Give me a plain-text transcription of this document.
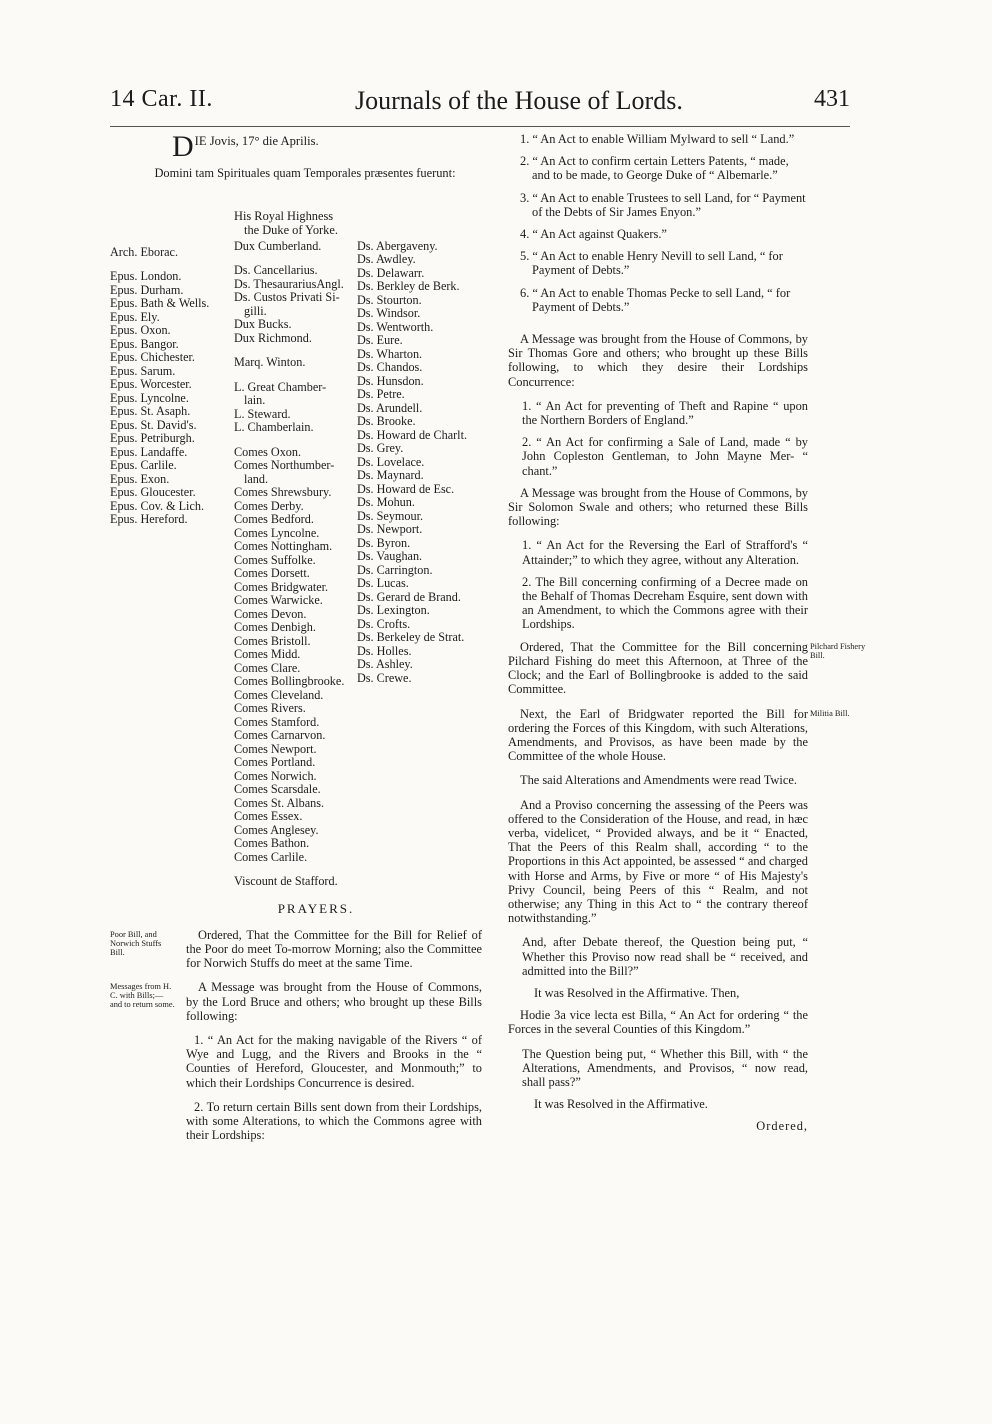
14 Car. II.	Journals of the House of Lords.	431
DIE Jovis, 17° die Aprilis.
Domini tam Spirituales quam Temporales præsentes fuerunt:
His Royal Highness
the Duke of Yorke.
Arch. Eborac.
Epus. London.
Epus. Durham.
Epus. Bath & Wells.
Epus. Ely.
Epus. Oxon.
Epus. Bangor.
Epus. Chichester.
Epus. Sarum.
Epus. Worcester.
Epus. Lyncolne.
Epus. St. Asaph.
Epus. St. David's.
Epus. Petriburgh.
Epus. Landaffe.
Epus. Carlile.
Epus. Exon.
Epus. Gloucester.
Epus. Cov. & Lich.
Epus. Hereford.
Dux Cumberland.
Ds. Cancellarius.
Ds. ThesaurariusAngl.
Ds. Custos Privati Si-
gilli.
Dux Bucks.
Dux Richmond.
Marq. Winton.
L. Great Chamber-
lain.
L. Steward.
L. Chamberlain.
Comes Oxon.
Comes Northumber-
land.
Comes Shrewsbury.
Comes Derby.
Comes Bedford.
Comes Lyncolne.
Comes Nottingham.
Comes Suffolke.
Comes Dorsett.
Comes Bridgwater.
Comes Warwicke.
Comes Devon.
Comes Denbigh.
Comes Bristoll.
Comes Midd.
Comes Clare.
Comes Bollingbrooke.
Comes Cleveland.
Comes Rivers.
Comes Stamford.
Comes Carnarvon.
Comes Newport.
Comes Portland.
Comes Norwich.
Comes Scarsdale.
Comes St. Albans.
Comes Essex.
Comes Anglesey.
Comes Bathon.
Comes Carlile.
Viscount de Stafford.
Ds. Abergaveny.
Ds. Awdley.
Ds. Delawarr.
Ds. Berkley de Berk.
Ds. Stourton.
Ds. Windsor.
Ds. Wentworth.
Ds. Eure.
Ds. Wharton.
Ds. Chandos.
Ds. Hunsdon.
Ds. Petre.
Ds. Arundell.
Ds. Brooke.
Ds. Howard de Charlt.
Ds. Grey.
Ds. Lovelace.
Ds. Maynard.
Ds. Howard de Esc.
Ds. Mohun.
Ds. Seymour.
Ds. Newport.
Ds. Byron.
Ds. Vaughan.
Ds. Carrington.
Ds. Lucas.
Ds. Gerard de Brand.
Ds. Lexington.
Ds. Crofts.
Ds. Berkeley de Strat.
Ds. Holles.
Ds. Ashley.
Ds. Crewe.
PRAYERS.
Poor Bill, and Norwich Stuffs Bill.
Ordered, That the Committee for the Bill for Relief of the Poor do meet To-morrow Morning; also the Committee for Norwich Stuffs do meet at the same Time.
Messages from H. C. with Bills;— and to return some.
A Message was brought from the House of Commons, by the Lord Bruce and others; who brought up these Bills following:
1. “ An Act for the making navigable of the Rivers “ of Wye and Lugg, and the Rivers and Brooks in the “ Counties of Hereford, Gloucester, and Monmouth;” to which their Lordships Concurrence is desired.
2. To return certain Bills sent down from their Lordships, with some Alterations, to which the Commons agree with their Lordships:
1. “ An Act to enable William Mylward to sell “ Land.”
2. “ An Act to confirm certain Letters Patents, “ made, and to be made, to George Duke of “ Albemarle.”
3. “ An Act to enable Trustees to sell Land, for “ Payment of the Debts of Sir James Enyon.”
4. “ An Act against Quakers.”
5. “ An Act to enable Henry Nevill to sell Land, “ for Payment of Debts.”
6. “ An Act to enable Thomas Pecke to sell Land, “ for Payment of Debts.”
A Message was brought from the House of Commons, by Sir Thomas Gore and others; who brought up these Bills following, to which they desire their Lordships Concurrence:
1. “ An Act for preventing of Theft and Rapine “ upon the Northern Borders of England.”
2. “ An Act for confirming a Sale of Land, made “ by John Copleston Gentleman, to John Mayne Mer- “ chant.”
A Message was brought from the House of Commons, by Sir Solomon Swale and others; who returned these Bills following:
1. “ An Act for the Reversing the Earl of Strafford's “ Attainder;” to which they agree, without any Alteration.
2. The Bill concerning confirming of a Decree made on the Behalf of Thomas Decreham Esquire, sent down with an Amendment, to which the Commons agree with their Lordships.
Pilchard Fishery Bill.
Ordered, That the Committee for the Bill concerning Pilchard Fishing do meet this Afternoon, at Three of the Clock; and the Earl of Bollingbrooke is added to the said Committee.
Militia Bill.
Next, the Earl of Bridgwater reported the Bill for ordering the Forces of this Kingdom, with such Alterations, Amendments, and Provisos, as have been made by the Committee of the whole House.
The said Alterations and Amendments were read Twice.
And a Proviso concerning the assessing of the Peers was offered to the Consideration of the House, and read, in hæc verba, videlicet, “ Provided always, and be it “ Enacted, That the Peers of this Realm shall, according “ to the Proportions in this Act appointed, be assessed “ and charged with Horse and Arms, by Five or more “ of His Majesty's Privy Council, being Peers of this “ Realm, and not otherwise; any Thing in this Act to “ the contrary thereof notwithstanding.”
And, after Debate thereof, the Question being put, “ Whether this Proviso now read shall be “ received, and admitted into the Bill?”
It was Resolved in the Affirmative. Then,
Hodie 3a vice lecta est Billa, “ An Act for ordering “ the Forces in the several Counties of this Kingdom.”
The Question being put, “ Whether this Bill, with “ the Alterations, Amendments, and Provisos, “ now read, shall pass?”
It was Resolved in the Affirmative.
Ordered,
